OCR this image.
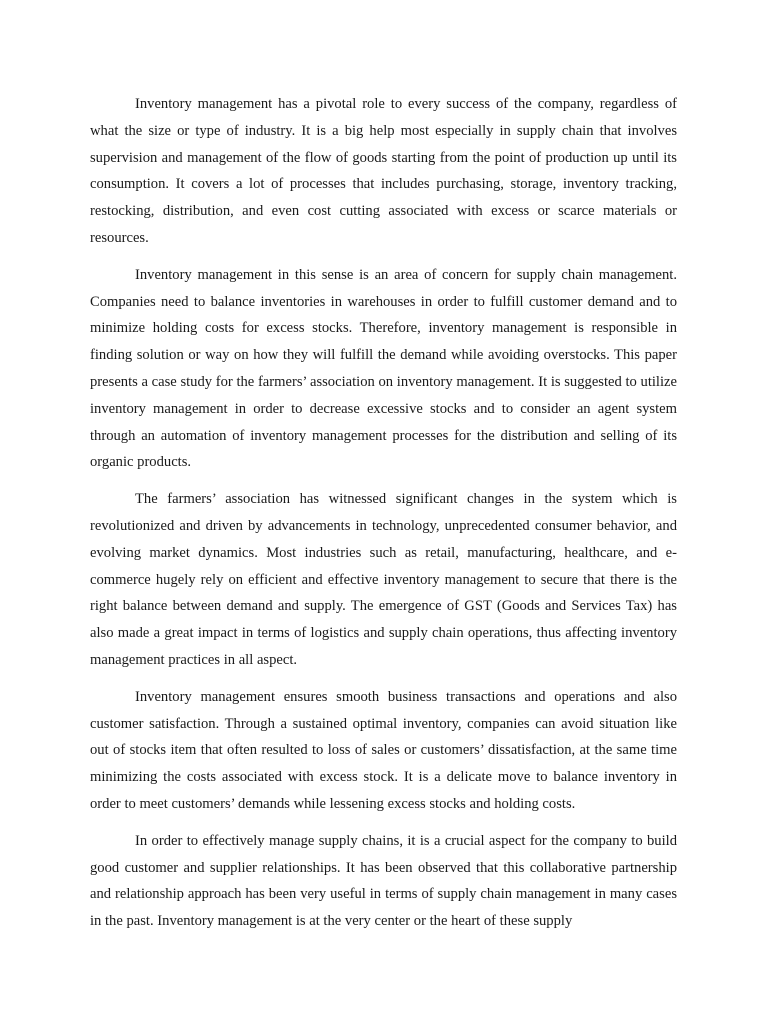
Inventory management has a pivotal role to every success of the company, regardless of what the size or type of industry. It is a big help most especially in supply chain that involves supervision and management of the flow of goods starting from the point of production up until its consumption. It covers a lot of processes that includes purchasing, storage, inventory tracking, restocking, distribution, and even cost cutting associated with excess or scarce materials or resources.

Inventory management in this sense is an area of concern for supply chain management. Companies need to balance inventories in warehouses in order to fulfill customer demand and to minimize holding costs for excess stocks. Therefore, inventory management is responsible in finding solution or way on how they will fulfill the demand while avoiding overstocks. This paper presents a case study for the farmers’ association on inventory management. It is suggested to utilize inventory management in order to decrease excessive stocks and to consider an agent system through an automation of inventory management processes for the distribution and selling of its organic products.

The farmers’ association has witnessed significant changes in the system which is revolutionized and driven by advancements in technology, unprecedented consumer behavior, and evolving market dynamics. Most industries such as retail, manufacturing, healthcare, and e-commerce hugely rely on efficient and effective inventory management to secure that there is the right balance between demand and supply. The emergence of GST (Goods and Services Tax) has also made a great impact in terms of logistics and supply chain operations, thus affecting inventory management practices in all aspect.

Inventory management ensures smooth business transactions and operations and also customer satisfaction. Through a sustained optimal inventory, companies can avoid situation like out of stocks item that often resulted to loss of sales or customers’ dissatisfaction, at the same time minimizing the costs associated with excess stock. It is a delicate move to balance inventory in order to meet customers’ demands while lessening excess stocks and holding costs.

In order to effectively manage supply chains, it is a crucial aspect for the company to build good customer and supplier relationships. It has been observed that this collaborative partnership and relationship approach has been very useful in terms of supply chain management in many cases in the past. Inventory management is at the very center or the heart of these supply
